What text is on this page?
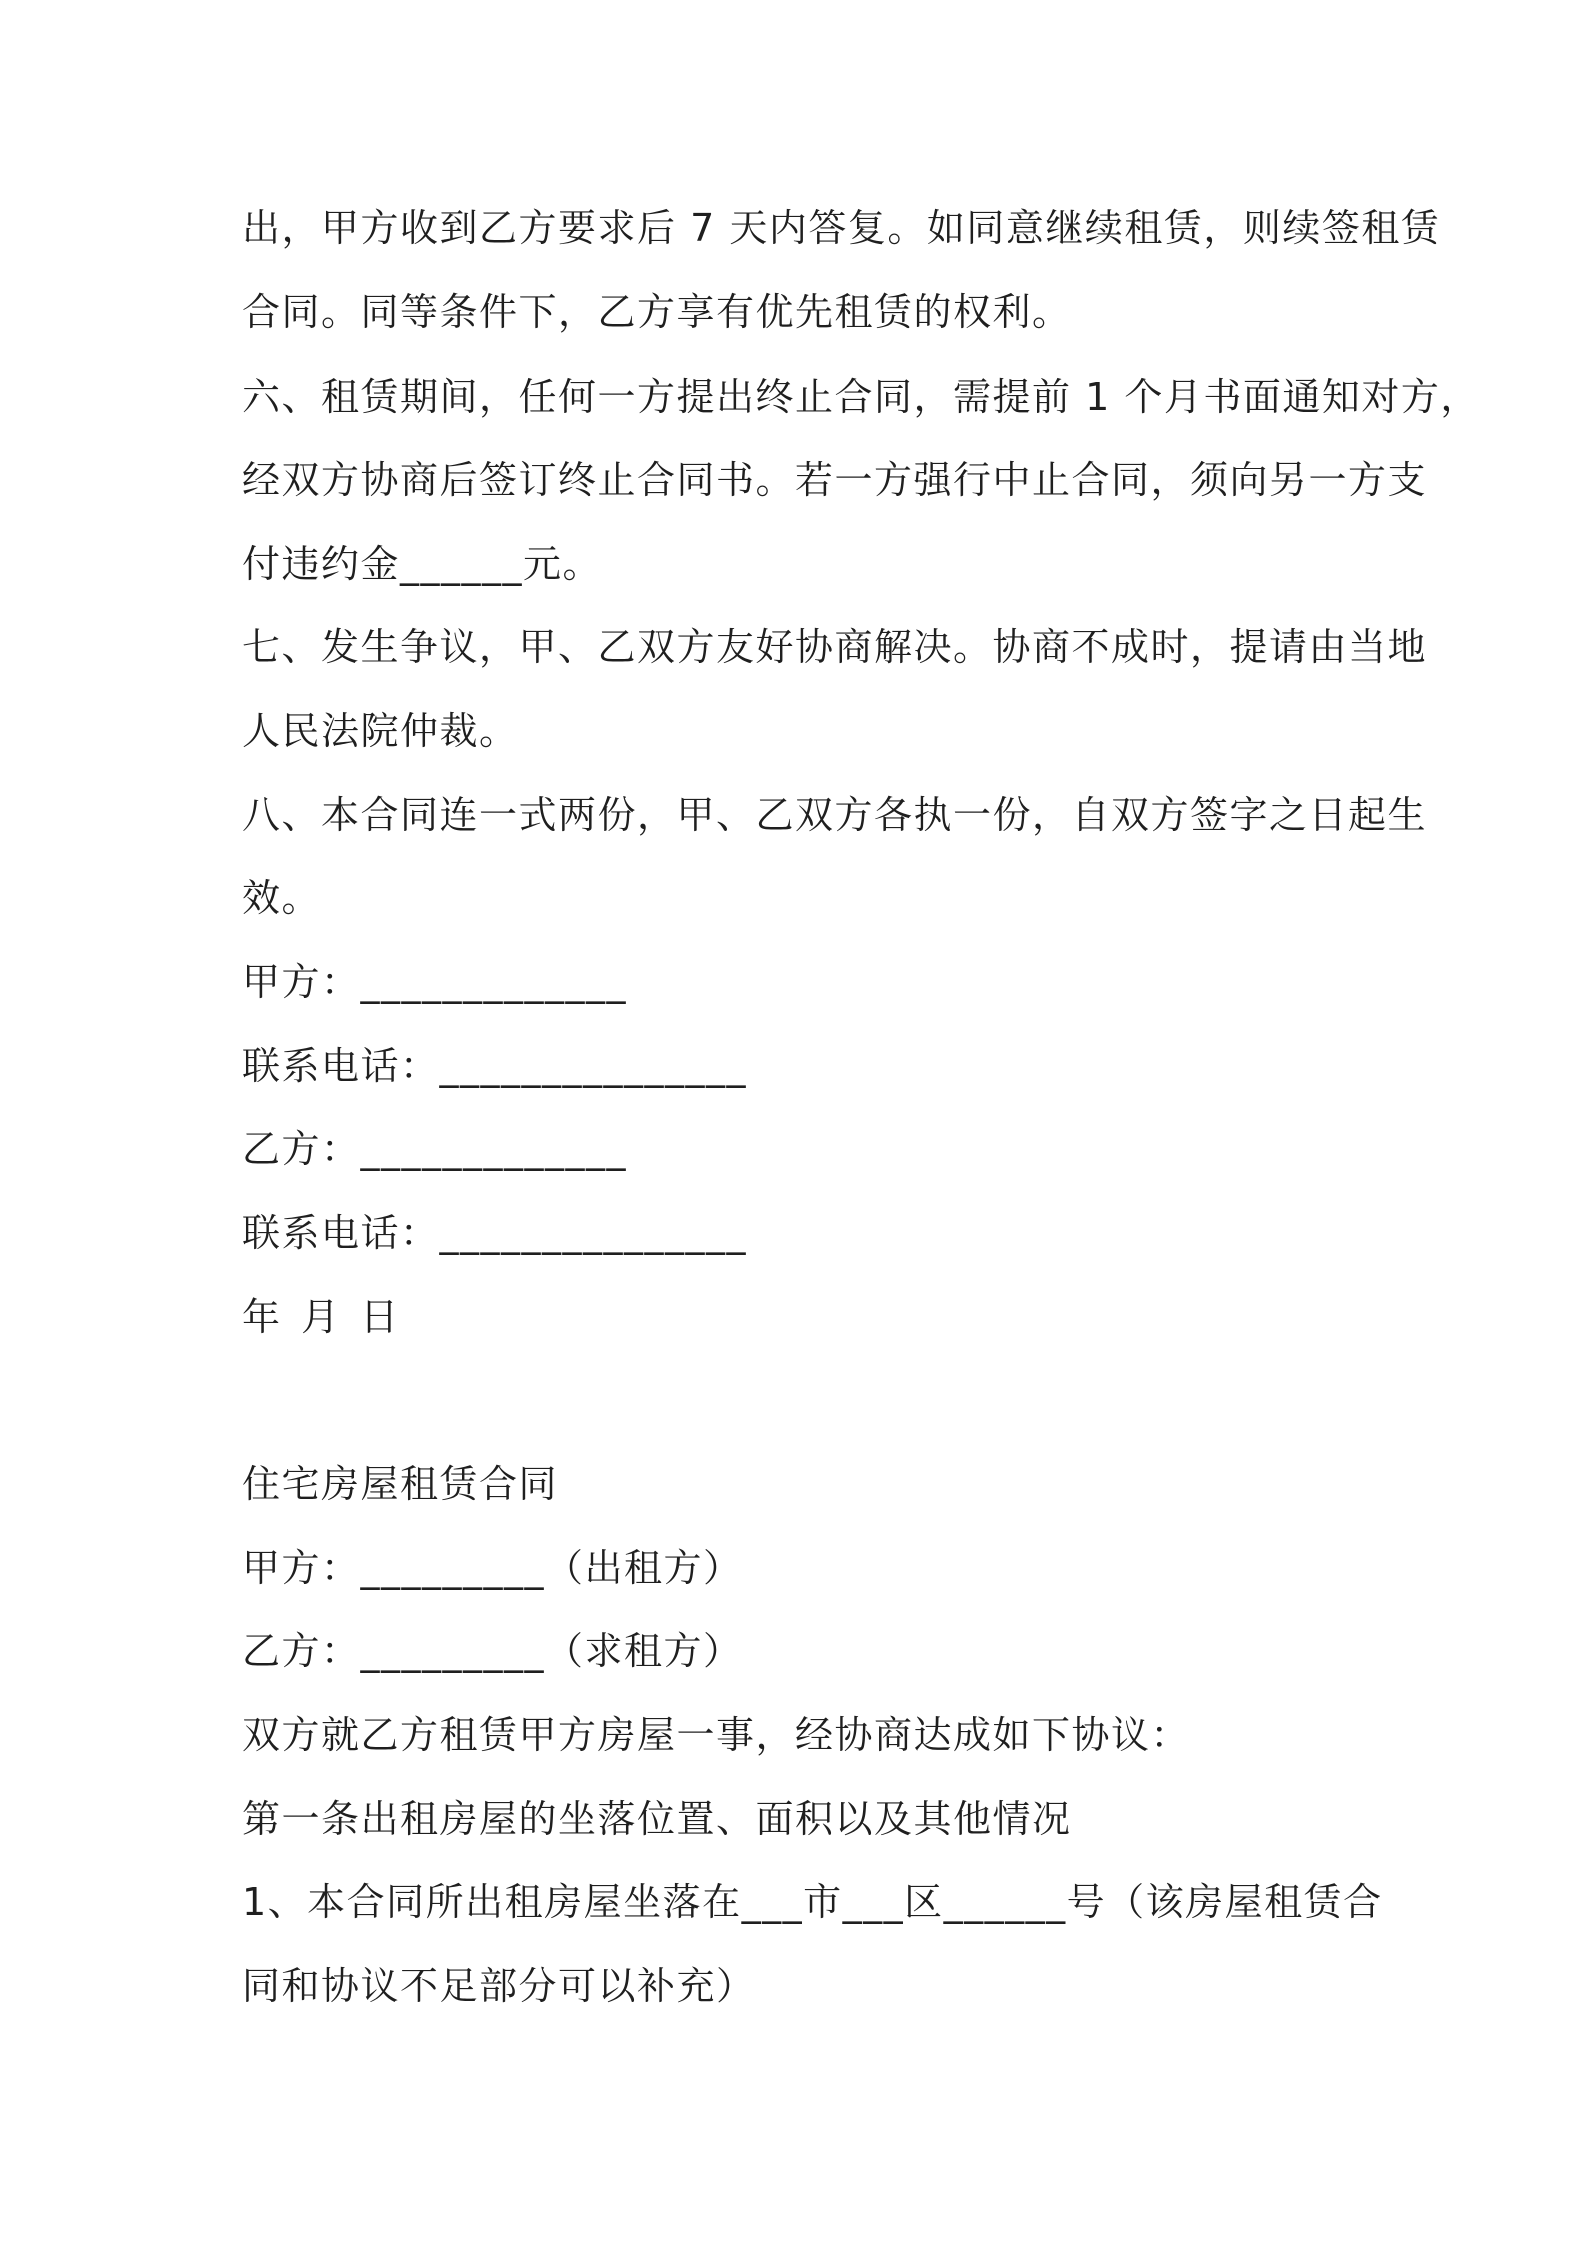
出，甲方收到乙方要求后 7 天内答复。如同意继续租赁，则续签租赁
合同。同等条件下，乙方享有优先租赁的权利。
六、租赁期间，任何一方提出终止合同，需提前 1 个月书面通知对方，
经双方协商后签订终止合同书。若一方强行中止合同，须向另一方支
付违约金______元。
七、发生争议，甲、乙双方友好协商解决。协商不成时，提请由当地
人民法院仲裁。
八、本合同连一式两份，甲、乙双方各执一份，自双方签字之日起生
效。
甲方：_____________
联系电话：_______________
乙方：_____________
联系电话：_______________
年 月 日
住宅房屋租赁合同
甲方：_________（出租方）
乙方：_________（求租方）
双方就乙方租赁甲方房屋一事，经协商达成如下协议：
第一条出租房屋的坐落位置、面积以及其他情况
1、本合同所出租房屋坐落在___市___区______号（该房屋租赁合
同和协议不足部分可以补充）
